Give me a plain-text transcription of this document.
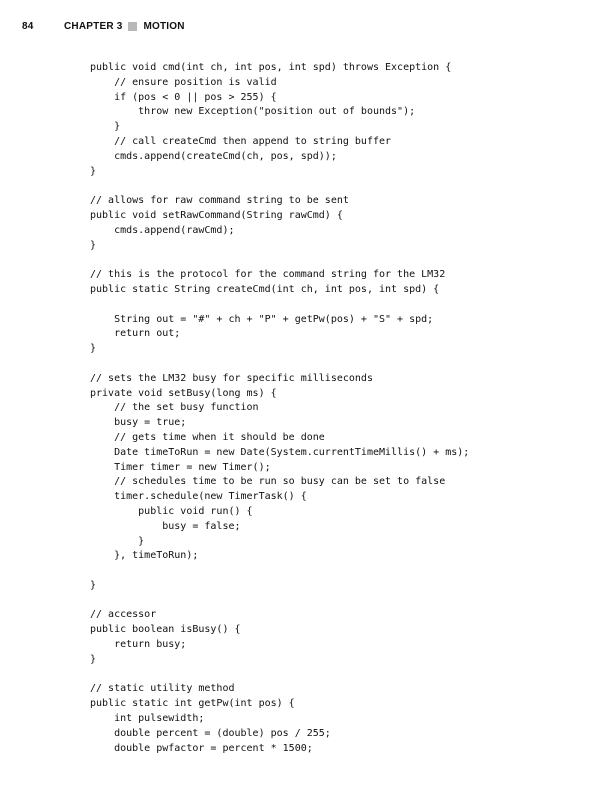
84	CHAPTER 3 MOTION
public void cmd(int ch, int pos, int spd) throws Exception {
// ensure position is valid
if (pos < 0 || pos > 255) {
throw new Exception("position out of bounds");
}
// call createCmd then append to string buffer
cmds.append(createCmd(ch, pos, spd));
}
// allows for raw command string to be sent
public void setRawCommand(String rawCmd) {
cmds.append(rawCmd);
}
// this is the protocol for the command string for the LM32
public static String createCmd(int ch, int pos, int spd) {
String out = "#" + ch + "P" + getPw(pos) + "S" + spd;
return out;
}
// sets the LM32 busy for specific milliseconds
private void setBusy(long ms) {
// the set busy function
busy = true;
// gets time when it should be done
Date timeToRun = new Date(System.currentTimeMillis() + ms);
Timer timer = new Timer();
// schedules time to be run so busy can be set to false
timer.schedule(new TimerTask() {
public void run() {
busy = false;
}
}, timeToRun);
}
// accessor
public boolean isBusy() {
return busy;
}
// static utility method
public static int getPw(int pos) {
int pulsewidth;
double percent = (double) pos / 255;
double pwfactor = percent * 1500;
